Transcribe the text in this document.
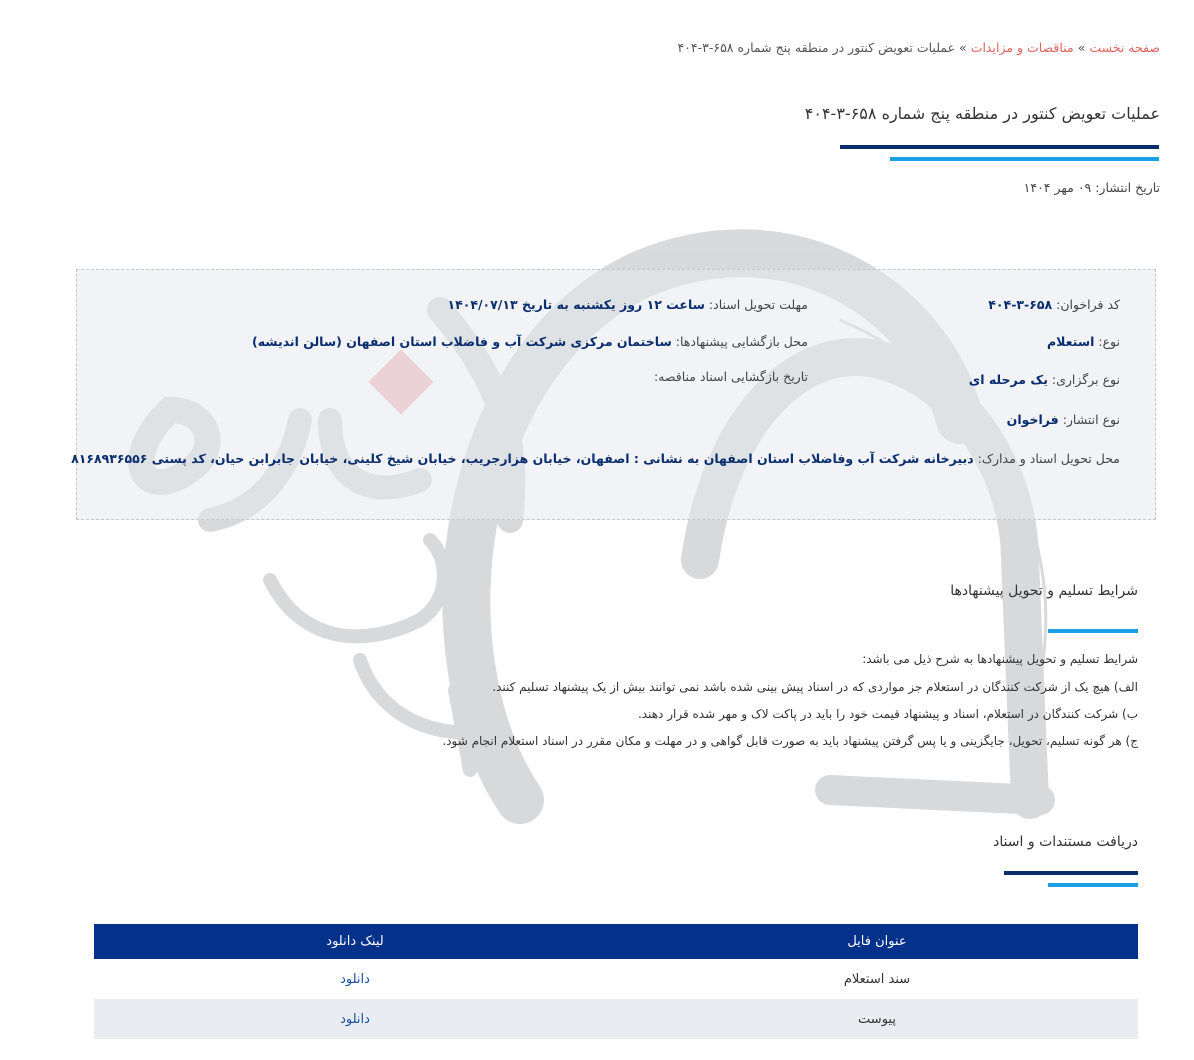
صفحه نخست»مناقصات و مزایدات»عملیات تعویض کنتور در منطقه پنج شماره ۶۵۸-۳-۴۰۴
عملیات تعویض کنتور در منطقه پنج شماره ۶۵۸-۳-۴۰۴
تاریخ انتشار: ۰۹ مهر ۱۴۰۴
کد فراخوان: ۶۵۸-۳-۴۰۴
نوع: استعلام
نوع برگزاری: یک مرحله ای
نوع انتشار: فراخوان
محل تحویل اسناد و مدارک: دبیرخانه شرکت آب وفاضلاب استان اصفهان به نشانی : اصفهان، خیابان هزارجریب، خیابان شیخ کلینی، خیابان جابرابن حیان، کد پستی ۸۱۶۸۹۳۶۵۵۶
مهلت تحویل اسناد: ساعت ۱۲ روز یکشنبه به تاریخ ۱۴۰۴/۰۷/۱۳
محل بازگشایی پیشنهادها: ساختمان مرکزی شرکت آب و فاضلاب استان اصفهان (سالن اندیشه)
تاریخ بازگشایی اسناد مناقصه:
شرایط تسلیم و تحویل پیشنهادها

شرایط تسلیم و تحویل پیشنهادها به شرح ذیل می باشد:

الف) هیچ یک از شرکت کنندگان در استعلام جز مواردی که در اسناد پیش بینی شده باشد نمی توانند بیش از یک پیشنهاد تسلیم کنند.

ب) شرکت کنندگان در استعلام، اسناد و پیشنهاد قیمت خود را باید در پاکت لاک و مهر شده قرار دهند.

ج) هر گونه تسلیم، تحویل، جایگزینی و یا پس گرفتن پیشنهاد باید به صورت قابل گواهی و در مهلت و مکان مقرر در اسناد استعلام انجام شود.

دریافت مستندات و اسناد
عنوان فایل	لینک دانلود
سند استعلام	دانلود
پیوست	دانلود
